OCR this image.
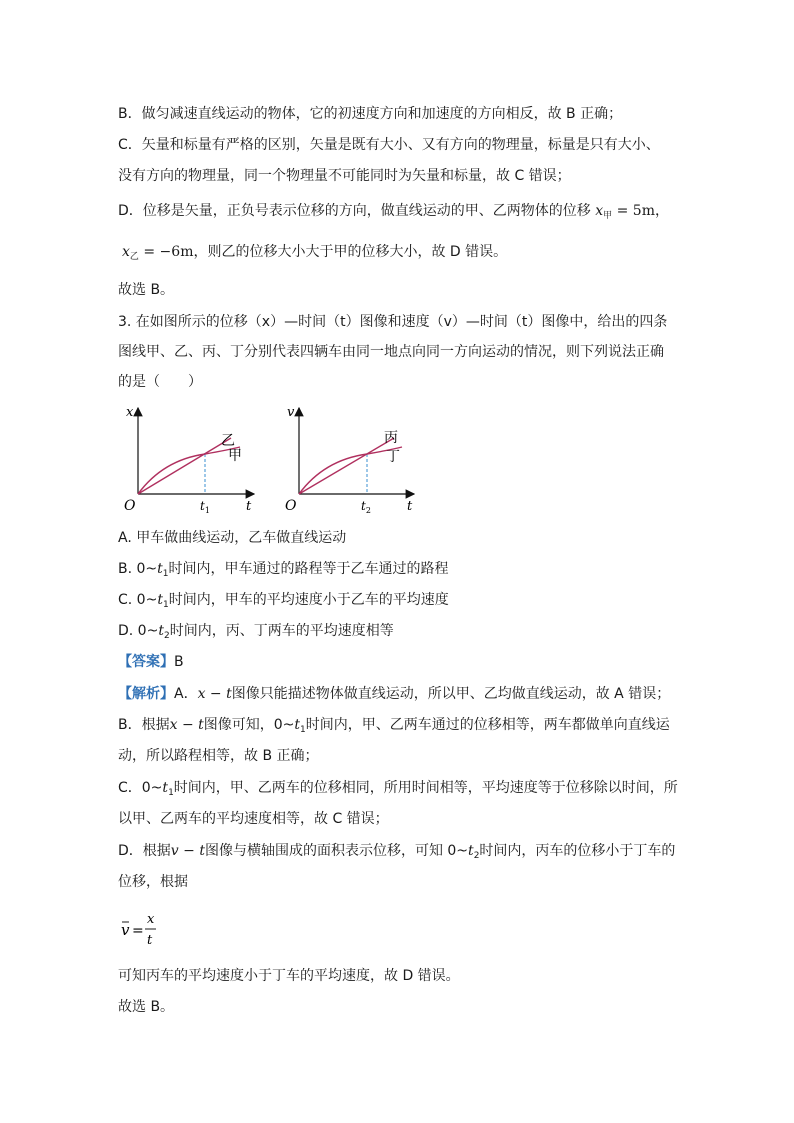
B．做匀减速直线运动的物体，它的初速度方向和加速度的方向相反，故 B 正确；
C．矢量和标量有严格的区别，矢量是既有大小、又有方向的物理量，标量是只有大小、
没有方向的物理量，同一个物理量不可能同时为矢量和标量，故 C 错误；
D．位移是矢量，正负号表示位移的方向，做直线运动的甲、乙两物体的位移 $x_甲 = 5m$，
$x_乙 = -6m$，则乙的位移大小大于甲的位移大小，故 D 错误。
故选 B。
3. 在如图所示的位移（x）—时间（t）图像和速度（v）—时间（t）图像中，给出的四条
图线甲、乙、丙、丁分别代表四辆车由同一地点向同一方向运动的情况，则下列说法正确
的是（　　）
x
t
O	$t_1$
乙
甲
v
t
O	$t_2$
丙
丁
A. 甲车做曲线运动，乙车做直线运动
B. $0\sim t_1$时间内，甲车通过的路程等于乙车通过的路程
C. $0\sim t_1$时间内，甲车的平均速度小于乙车的平均速度
D. $0\sim t_2$时间内，丙、丁两车的平均速度相等
【答案】B
【解析】A．x − t图像只能描述物体做直线运动，所以甲、乙均做直线运动，故 A 错误；
B．根据x − t图像可知，$0\sim t_1$时间内，甲、乙两车通过的位移相等，两车都做单向直线运
动，所以路程相等，故 B 正确；
C．$0\sim t_1$时间内，甲、乙两车的位移相同，所用时间相等，平均速度等于位移除以时间，所
以甲、乙两车的平均速度相等，故 C 错误；
D．根据v − t图像与横轴围成的面积表示位移，可知 $0\sim t_2$时间内，丙车的位移小于丁车的
位移，根据
v =
x
t
可知丙车的平均速度小于丁车的平均速度，故 D 错误。
故选 B。
